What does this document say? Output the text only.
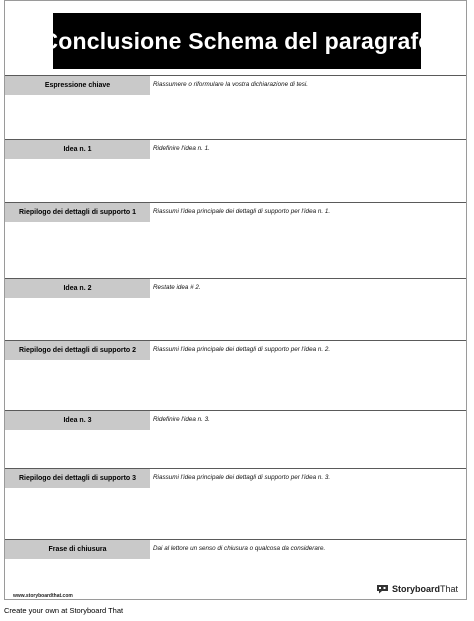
Conclusione Schema del paragrafo
Espressione chiave	Riassumere o riformulare la vostra dichiarazione di tesi.
Idea n. 1	Ridefinire l'idea n. 1.
Riepilogo dei dettagli di supporto 1	Riassumi l'idea principale dei dettagli di supporto per l'idea n. 1.
Idea n. 2	Restate idea # 2.
Riepilogo dei dettagli di supporto 2	Riassumi l'idea principale dei dettagli di supporto per l'idea n. 2.
Idea n. 3	Ridefinire l'idea n. 3.
Riepilogo dei dettagli di supporto 3	Riassumi l'idea principale dei dettagli di supporto per l'idea n. 3.
Frase di chiusura	Dai al lettore un senso di chiusura o qualcosa da considerare.
www.storyboardthat.com
StoryboardThat
Create your own at Storyboard That
